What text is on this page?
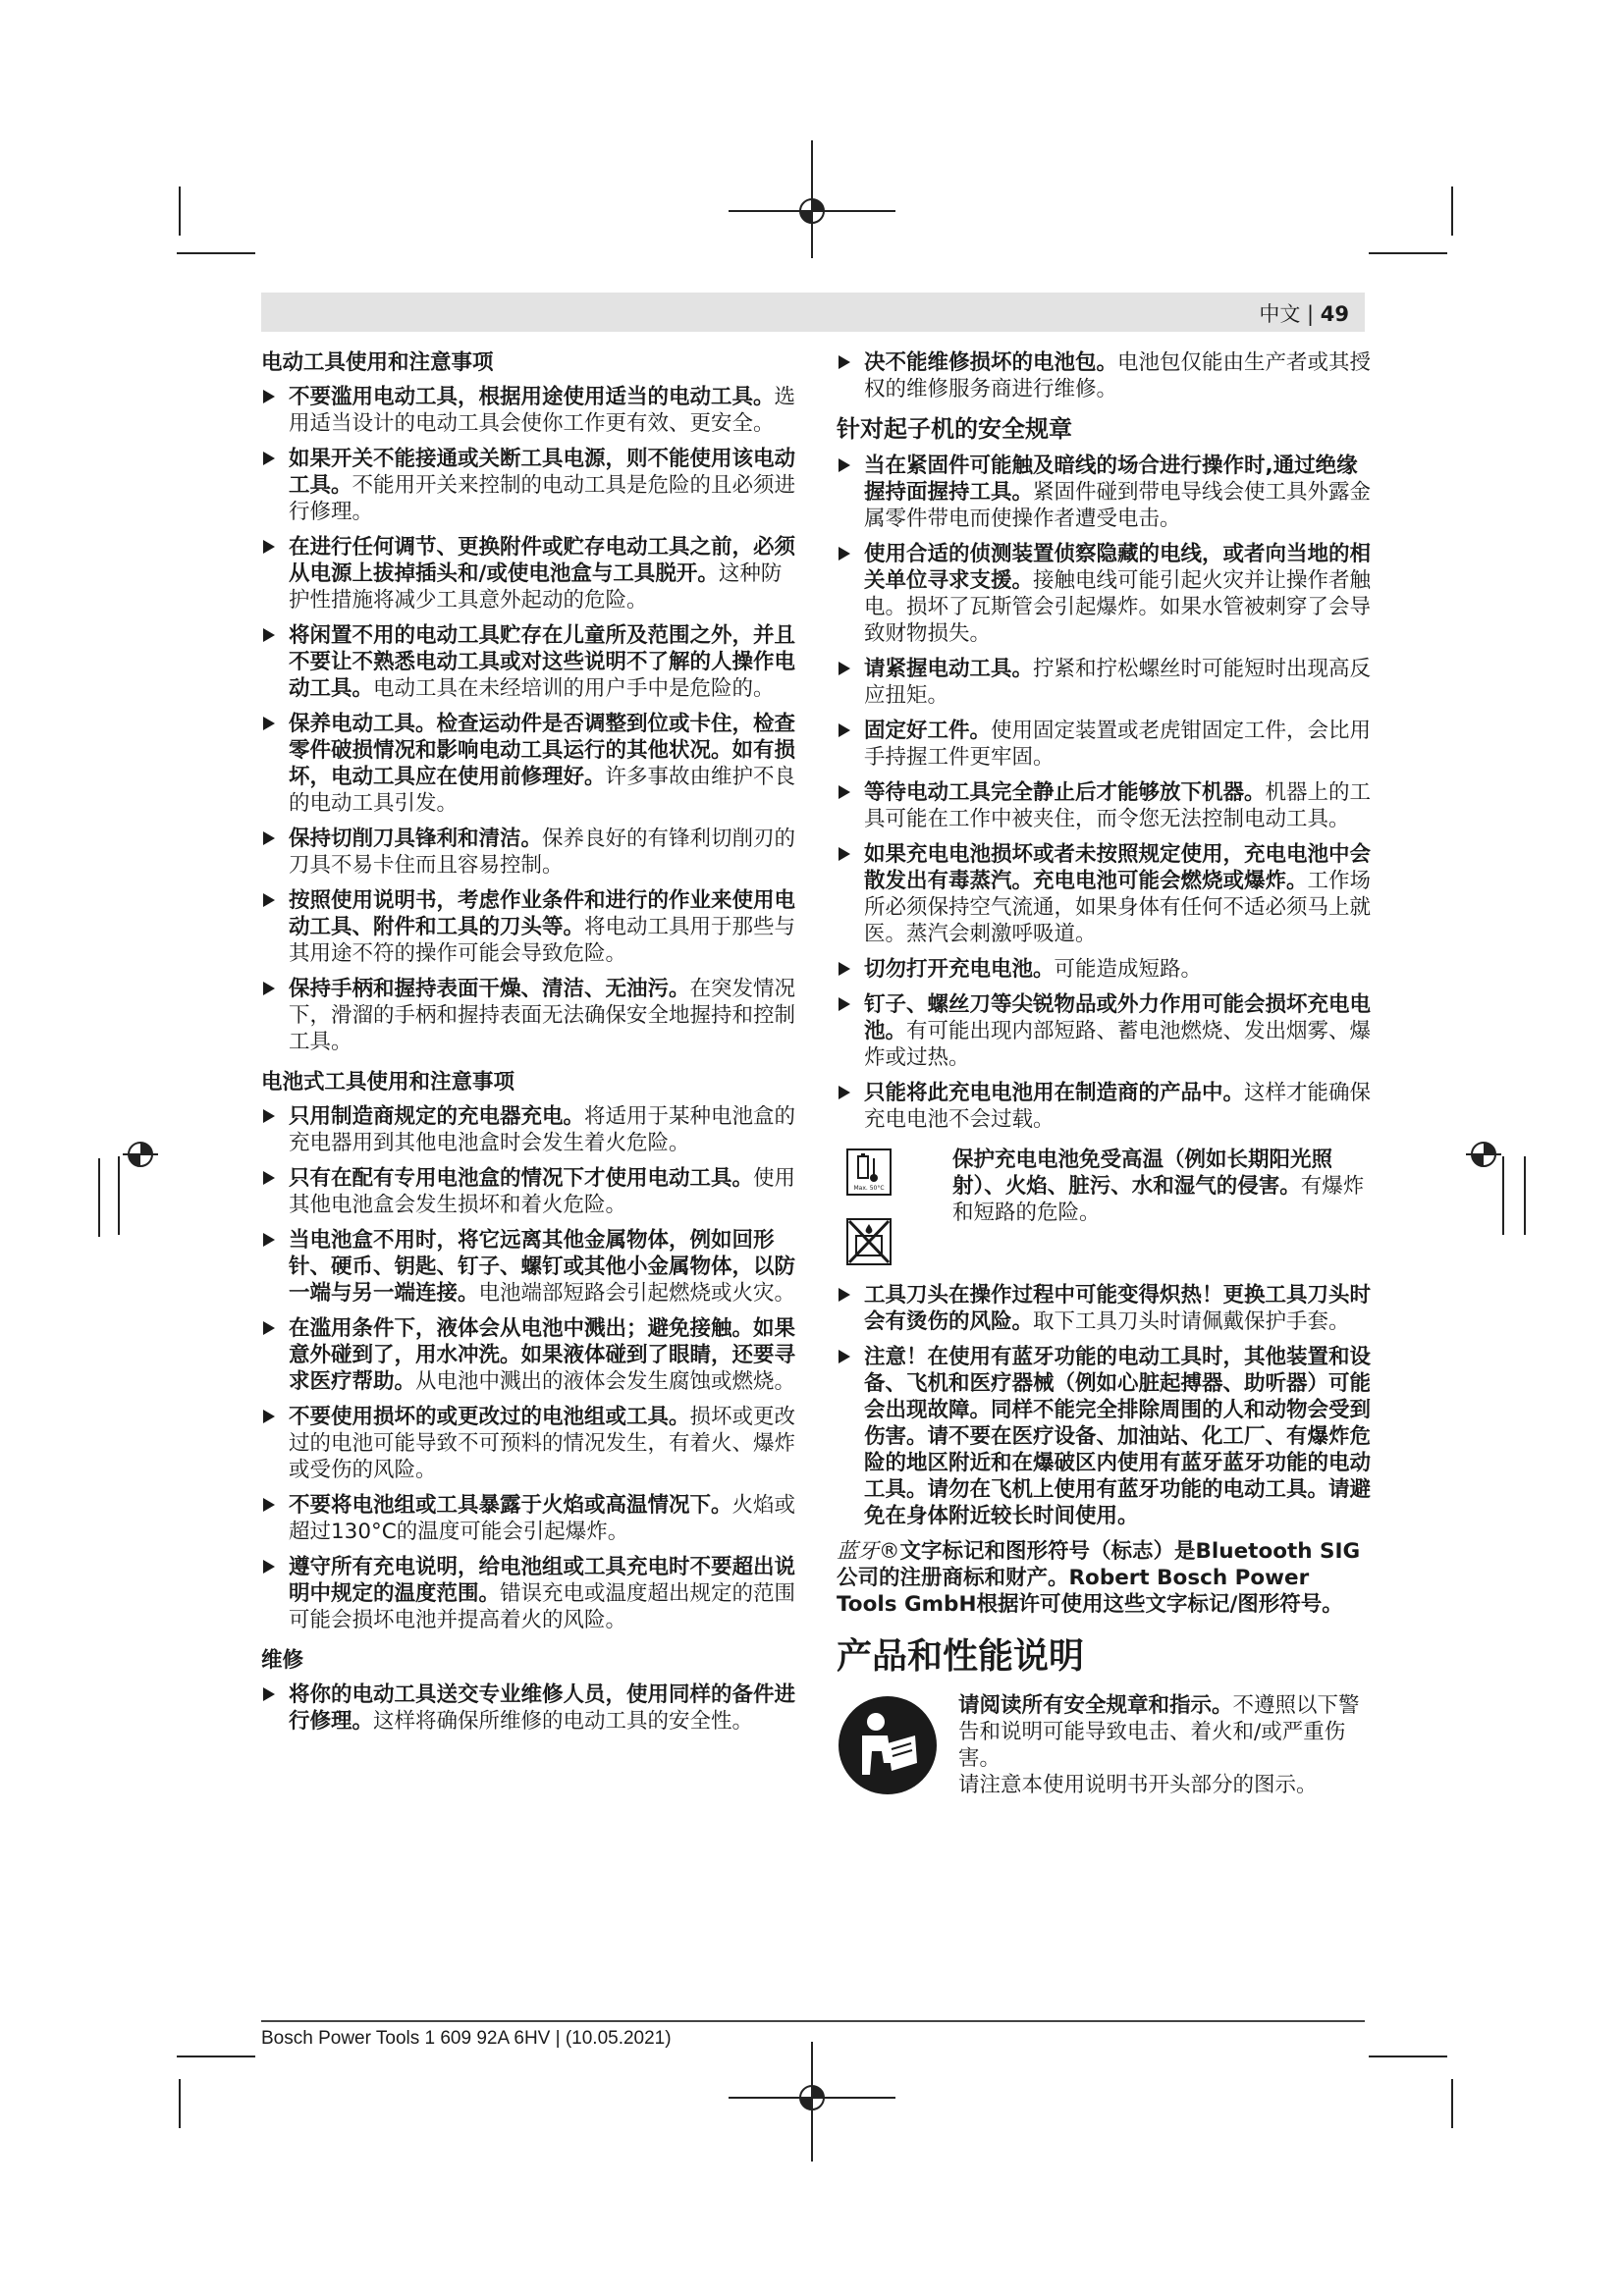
中文 | 49
电动工具使用和注意事项
不要滥用电动工具，根据用途使用适当的电动工具。选用适当设计的电动工具会使你工作更有效、更安全。
如果开关不能接通或关断工具电源，则不能使用该电动工具。不能用开关来控制的电动工具是危险的且必须进行修理。
在进行任何调节、更换附件或贮存电动工具之前，必须从电源上拔掉插头和/或使电池盒与工具脱开。这种防护性措施将减少工具意外起动的危险。
将闲置不用的电动工具贮存在儿童所及范围之外，并且不要让不熟悉电动工具或对这些说明不了解的人操作电动工具。电动工具在未经培训的用户手中是危险的。
保养电动工具。检查运动件是否调整到位或卡住，检查零件破损情况和影响电动工具运行的其他状况。如有损坏，电动工具应在使用前修理好。许多事故由维护不良的电动工具引发。
保持切削刀具锋利和清洁。保养良好的有锋利切削刃的刀具不易卡住而且容易控制。
按照使用说明书，考虑作业条件和进行的作业来使用电动工具、附件和工具的刀头等。将电动工具用于那些与其用途不符的操作可能会导致危险。
保持手柄和握持表面干燥、清洁、无油污。在突发情况下，滑溜的手柄和握持表面无法确保安全地握持和控制工具。
电池式工具使用和注意事项
只用制造商规定的充电器充电。将适用于某种电池盒的充电器用到其他电池盒时会发生着火危险。
只有在配有专用电池盒的情况下才使用电动工具。使用其他电池盒会发生损坏和着火危险。
当电池盒不用时，将它远离其他金属物体，例如回形针、硬币、钥匙、钉子、螺钉或其他小金属物体，以防一端与另一端连接。电池端部短路会引起燃烧或火灾。
在滥用条件下，液体会从电池中溅出；避免接触。如果意外碰到了，用水冲洗。如果液体碰到了眼睛，还要寻求医疗帮助。从电池中溅出的液体会发生腐蚀或燃烧。
不要使用损坏的或更改过的电池组或工具。损坏或更改过的电池可能导致不可预料的情况发生，有着火、爆炸或受伤的风险。
不要将电池组或工具暴露于火焰或高温情况下。火焰或超过130°C的温度可能会引起爆炸。
遵守所有充电说明，给电池组或工具充电时不要超出说明中规定的温度范围。错误充电或温度超出规定的范围可能会损坏电池并提高着火的风险。
维修
将你的电动工具送交专业维修人员，使用同样的备件进行修理。这样将确保所维修的电动工具的安全性。
决不能维修损坏的电池包。电池包仅能由生产者或其授权的维修服务商进行维修。
针对起子机的安全规章
当在紧固件可能触及暗线的场合进行操作时,通过绝缘握持面握持工具。紧固件碰到带电导线会使工具外露金属零件带电而使操作者遭受电击。
使用合适的侦测装置侦察隐藏的电线，或者向当地的相关单位寻求支援。接触电线可能引起火灾并让操作者触电。损坏了瓦斯管会引起爆炸。如果水管被刺穿了会导致财物损失。
请紧握电动工具。拧紧和拧松螺丝时可能短时出现高反应扭矩。
固定好工件。使用固定装置或老虎钳固定工件，会比用手持握工件更牢固。
等待电动工具完全静止后才能够放下机器。机器上的工具可能在工作中被夹住，而令您无法控制电动工具。
如果充电电池损坏或者未按照规定使用，充电电池中会散发出有毒蒸汽。充电电池可能会燃烧或爆炸。工作场所必须保持空气流通，如果身体有任何不适必须马上就医。蒸汽会刺激呼吸道。
切勿打开充电电池。可能造成短路。
钉子、螺丝刀等尖锐物品或外力作用可能会损坏充电电池。有可能出现内部短路、蓄电池燃烧、发出烟雾、爆炸或过热。
只能将此充电电池用在制造商的产品中。这样才能确保充电电池不会过载。
Max. 50°C

保护充电电池免受高温（例如长期阳光照射）、火焰、脏污、水和湿气的侵害。有爆炸和短路的危险。
工具刀头在操作过程中可能变得炽热！更换工具刀头时会有烫伤的风险。取下工具刀头时请佩戴保护手套。
注意！在使用有蓝牙功能的电动工具时，其他装置和设备、飞机和医疗器械（例如心脏起搏器、助听器）可能会出现故障。同样不能完全排除周围的人和动物会受到伤害。请不要在医疗设备、加油站、化工厂、有爆炸危险的地区附近和在爆破区内使用有蓝牙蓝牙功能的电动工具。请勿在飞机上使用有蓝牙功能的电动工具。请避免在身体附近较长时间使用。
蓝牙®文字标记和图形符号（标志）是Bluetooth SIG公司的注册商标和财产。Robert Bosch Power Tools GmbH根据许可使用这些文字标记/图形符号。
产品和性能说明
请阅读所有安全规章和指示。不遵照以下警告和说明可能导致电击、着火和/或严重伤害。
请注意本使用说明书开头部分的图示。
Bosch Power Tools 1 609 92A 6HV | (10.05.2021)
